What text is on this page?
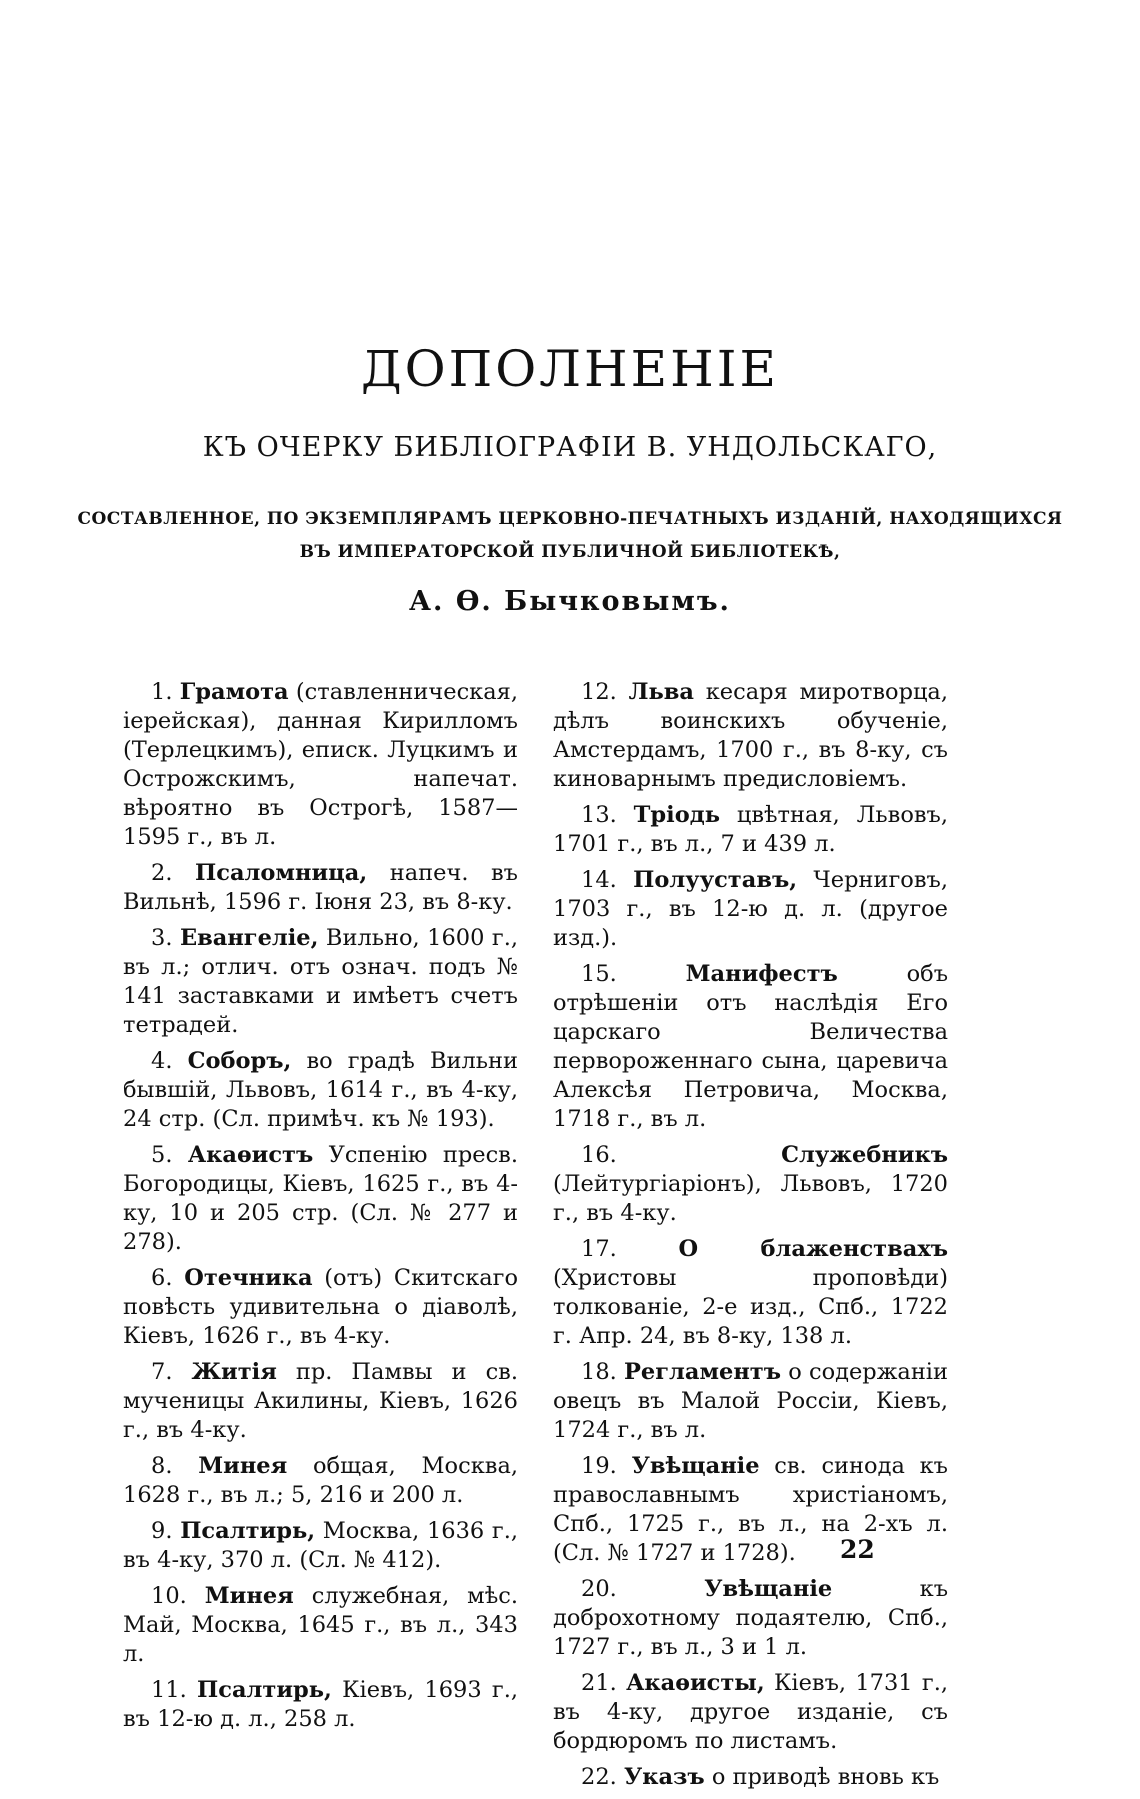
ДОПОЛНЕНІЕ
КЪ ОЧЕРКУ БИБЛІОГРАФІИ В. УНДОЛЬСКАГО,
СОСТАВЛЕННОЕ, ПО ЭКЗЕМПЛЯРАМЪ ЦЕРКОВНО-ПЕЧАТНЫХЪ ИЗДАНІЙ, НАХОДЯЩИХСЯ
ВЪ ИМПЕРАТОРСКОЙ ПУБЛИЧНОЙ БИБЛІОТЕКѢ,
А. Ѳ. Бычковымъ.

1. Грамота (ставленническая, іерейская), данная Кирилломъ (Терлецкимъ), еписк. Луцкимъ и Острожскимъ, напечат. вѣроятно въ Острогѣ, 1587—1595 г., въ л.

2. Псаломница, напеч. въ Вильнѣ, 1596 г. Іюня 23, въ 8-ку.

3. Евангеліе, Вильно, 1600 г., въ л.; отлич. отъ означ. подъ № 141 заставками и имѣетъ счетъ тетрадей.

4. Соборъ, во градѣ Вильни бывшій, Львовъ, 1614 г., въ 4-ку, 24 стр. (Сл. примѣч. къ № 193).

5. Акаѳистъ Успенію пресв. Богородицы, Кіевъ, 1625 г., въ 4-ку, 10 и 205 стр. (Сл. № 277 и 278).

6. Отечника (отъ) Скитскаго повѣсть удивительна о діаволѣ, Кіевъ, 1626 г., въ 4-ку.

7. Житія пр. Памвы и св. мученицы Акилины, Кіевъ, 1626 г., въ 4-ку.

8. Минея общая, Москва, 1628 г., въ л.; 5, 216 и 200 л.

9. Псалтирь, Москва, 1636 г., въ 4-ку, 370 л. (Сл. № 412).

10. Минея служебная, мѣс. Май, Москва, 1645 г., въ л., 343 л.

11. Псалтирь, Кіевъ, 1693 г., въ 12-ю д. л., 258 л.

12. Льва кесаря миротворца, дѣлъ воинскихъ обученіе, Амстердамъ, 1700 г., въ 8-ку, съ киноварнымъ предисловіемъ.

13. Тріодь цвѣтная, Львовъ, 1701 г., въ л., 7 и 439 л.

14. Полууставъ, Черниговъ, 1703 г., въ 12-ю д. л. (другое изд.).

15.	Манифестъ объ отрѣшеніи отъ наслѣдія Его царскаго Величества первороженнаго сына, царевича Алексѣя Петровича, Москва, 1718 г., въ л.

16.	Служебникъ (Лейтургіаріонъ), Львовъ, 1720 г., въ 4-ку.

17.	О блаженствахъ (Христовы проповѣди) толкованіе, 2-е изд., Спб., 1722 г. Апр. 24, въ 8-ку, 138 л.

18. Регламентъ о содержаніи овецъ въ Малой Россіи, Кіевъ, 1724 г., въ л.

19. Увѣщаніе св. синода къ православнымъ христіаномъ, Спб., 1725 г., въ л., на 2-хъ л. (Сл. № 1727 и 1728).

20.	Увѣщаніе къ доброхотному подаятелю, Спб., 1727 г., въ л., 3 и 1 л.

21. Акаѳисты, Кіевъ, 1731 г., въ 4-ку, другое изданіе, съ бордюромъ по листамъ.

22. Указъ о приводѣ вновь къ

22
